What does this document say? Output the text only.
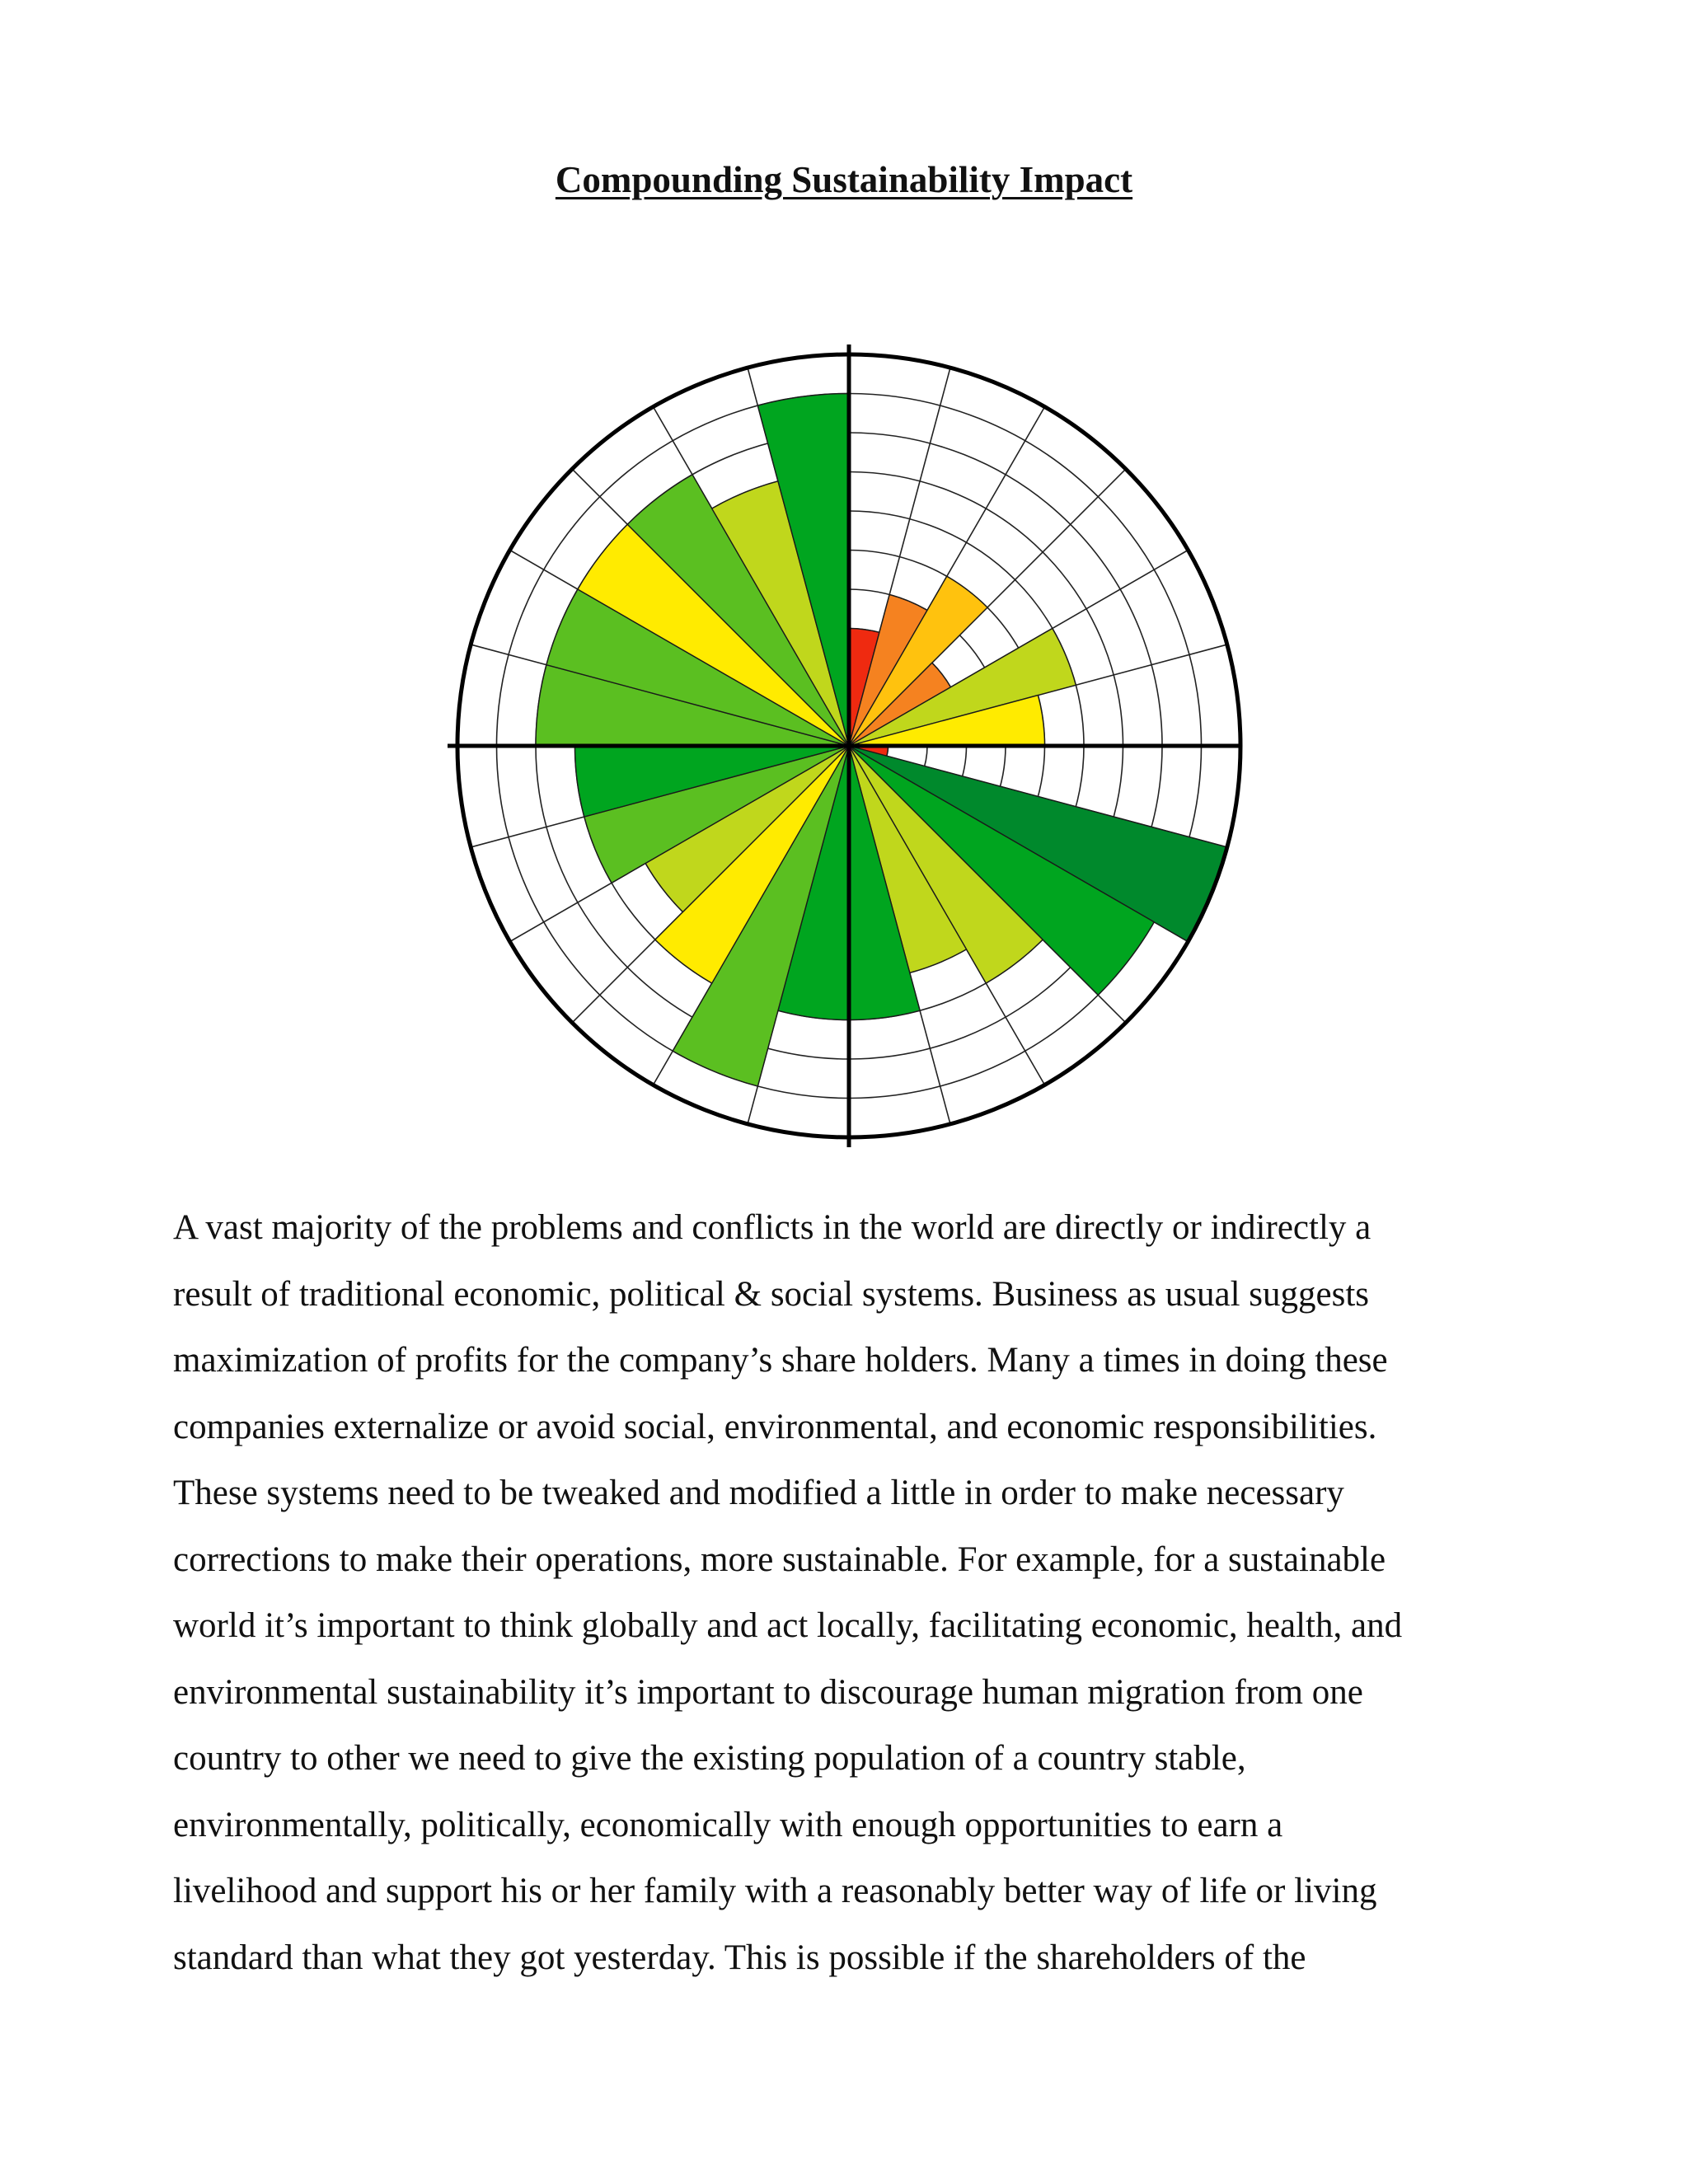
Compounding Sustainability Impact
A vast majority of the problems and conflicts in the world are directly or indirectly a
result of traditional economic, political & social systems. Business as usual suggests
maximization of profits for the company’s share holders. Many a times in doing these
companies externalize or avoid social, environmental, and economic responsibilities.
These systems need to be tweaked and modified a little in order to make necessary
corrections to make their operations, more sustainable. For example, for a sustainable
world it’s important to think globally and act locally, facilitating economic, health, and
environmental sustainability it’s important to discourage human migration from one
country to other we need to give the existing population of a country stable,
environmentally, politically, economically with enough opportunities to earn a
livelihood and support his or her family with a reasonably better way of life or living
standard than what they got yesterday. This is possible if the shareholders of the
